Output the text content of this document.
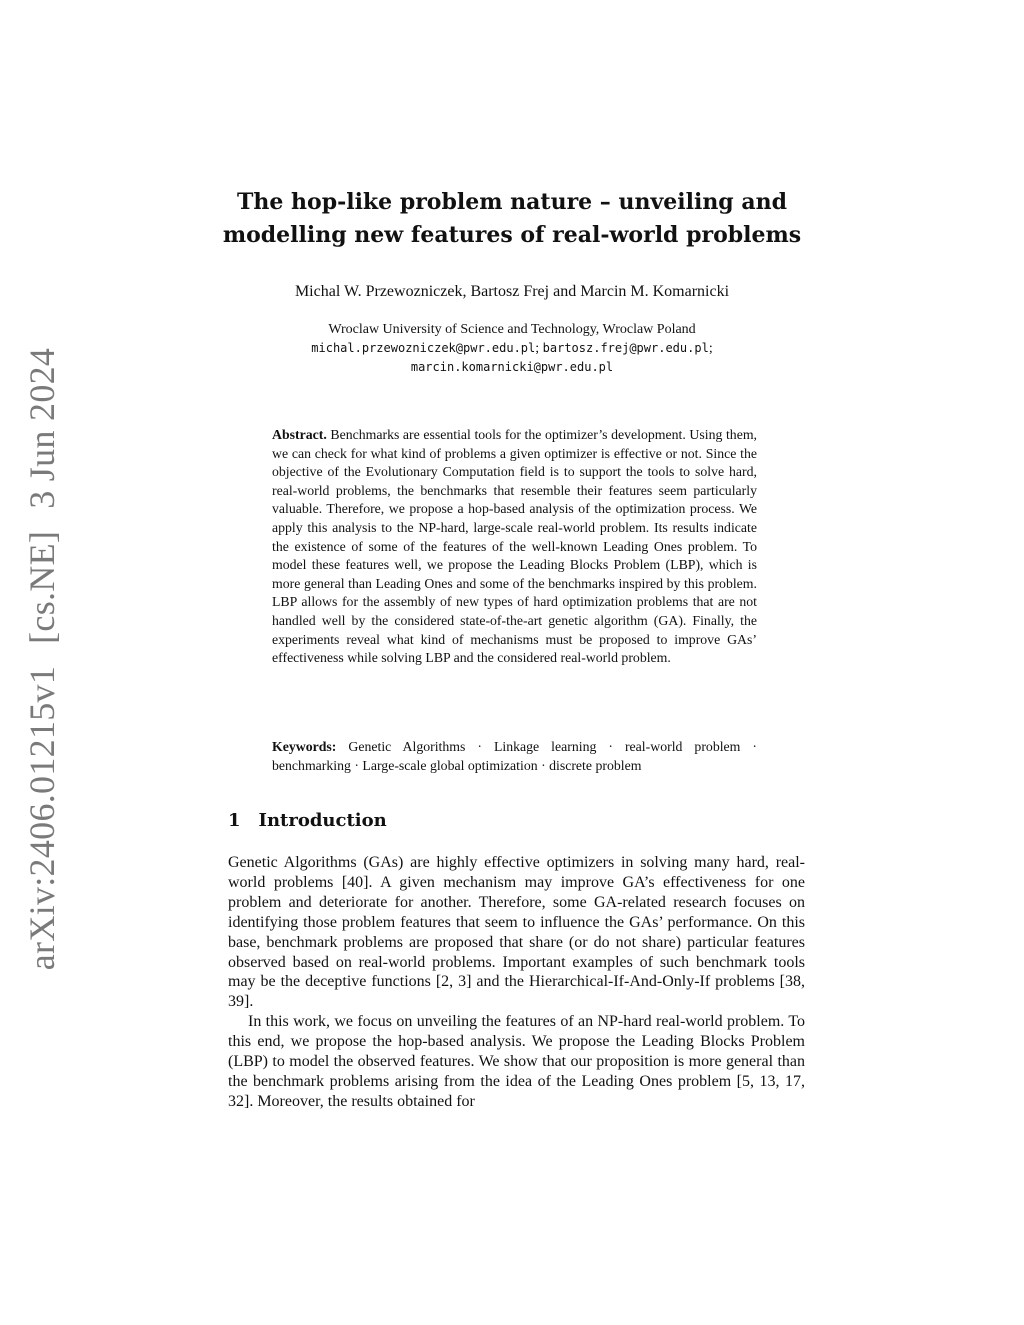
arXiv:2406.01215v1[cs.NE]3 Jun 2024
The hop-like problem nature – unveiling and
modelling new features of real-world problems
Michal W. Przewozniczek, Bartosz Frej and Marcin M. Komarnicki
Wroclaw University of Science and Technology, Wroclaw Poland
michal.przewozniczek@pwr.edu.pl; bartosz.frej@pwr.edu.pl;
marcin.komarnicki@pwr.edu.pl
Abstract. Benchmarks are essential tools for the optimizer’s development. Using them, we can check for what kind of problems a given optimizer is effective or not. Since the objective of the Evolutionary Computation field is to support the tools to solve hard, real-world problems, the benchmarks that resemble their features seem particularly valuable. Therefore, we propose a hop-based analysis of the optimization process. We apply this analysis to the NP-hard, large-scale real-world problem. Its results indicate the existence of some of the features of the well-known Leading Ones problem. To model these features well, we propose the Leading Blocks Problem (LBP), which is more general than Leading Ones and some of the benchmarks inspired by this problem. LBP allows for the assembly of new types of hard optimization problems that are not handled well by the considered state-of-the-art genetic algorithm (GA). Finally, the experiments reveal what kind of mechanisms must be proposed to improve GAs’ effectiveness while solving LBP and the considered real-world problem.
Keywords: Genetic Algorithms · Linkage learning · real-world problem · benchmarking · Large-scale global optimization · discrete problem
1 Introduction

Genetic Algorithms (GAs) are highly effective optimizers in solving many hard, real-world problems [40]. A given mechanism may improve GA’s effectiveness for one problem and deteriorate for another. Therefore, some GA-related research focuses on identifying those problem features that seem to influence the GAs’ performance. On this base, benchmark problems are proposed that share (or do not share) particular features observed based on real-world problems. Important examples of such benchmark tools may be the deceptive functions [2, 3] and the Hierarchical-If-And-Only-If problems [38, 39].

In this work, we focus on unveiling the features of an NP-hard real-world problem. To this end, we propose the hop-based analysis. We propose the Leading Blocks Problem (LBP) to model the observed features. We show that our proposition is more general than the benchmark problems arising from the idea of the Leading Ones problem [5, 13, 17, 32]. Moreover, the results obtained for
